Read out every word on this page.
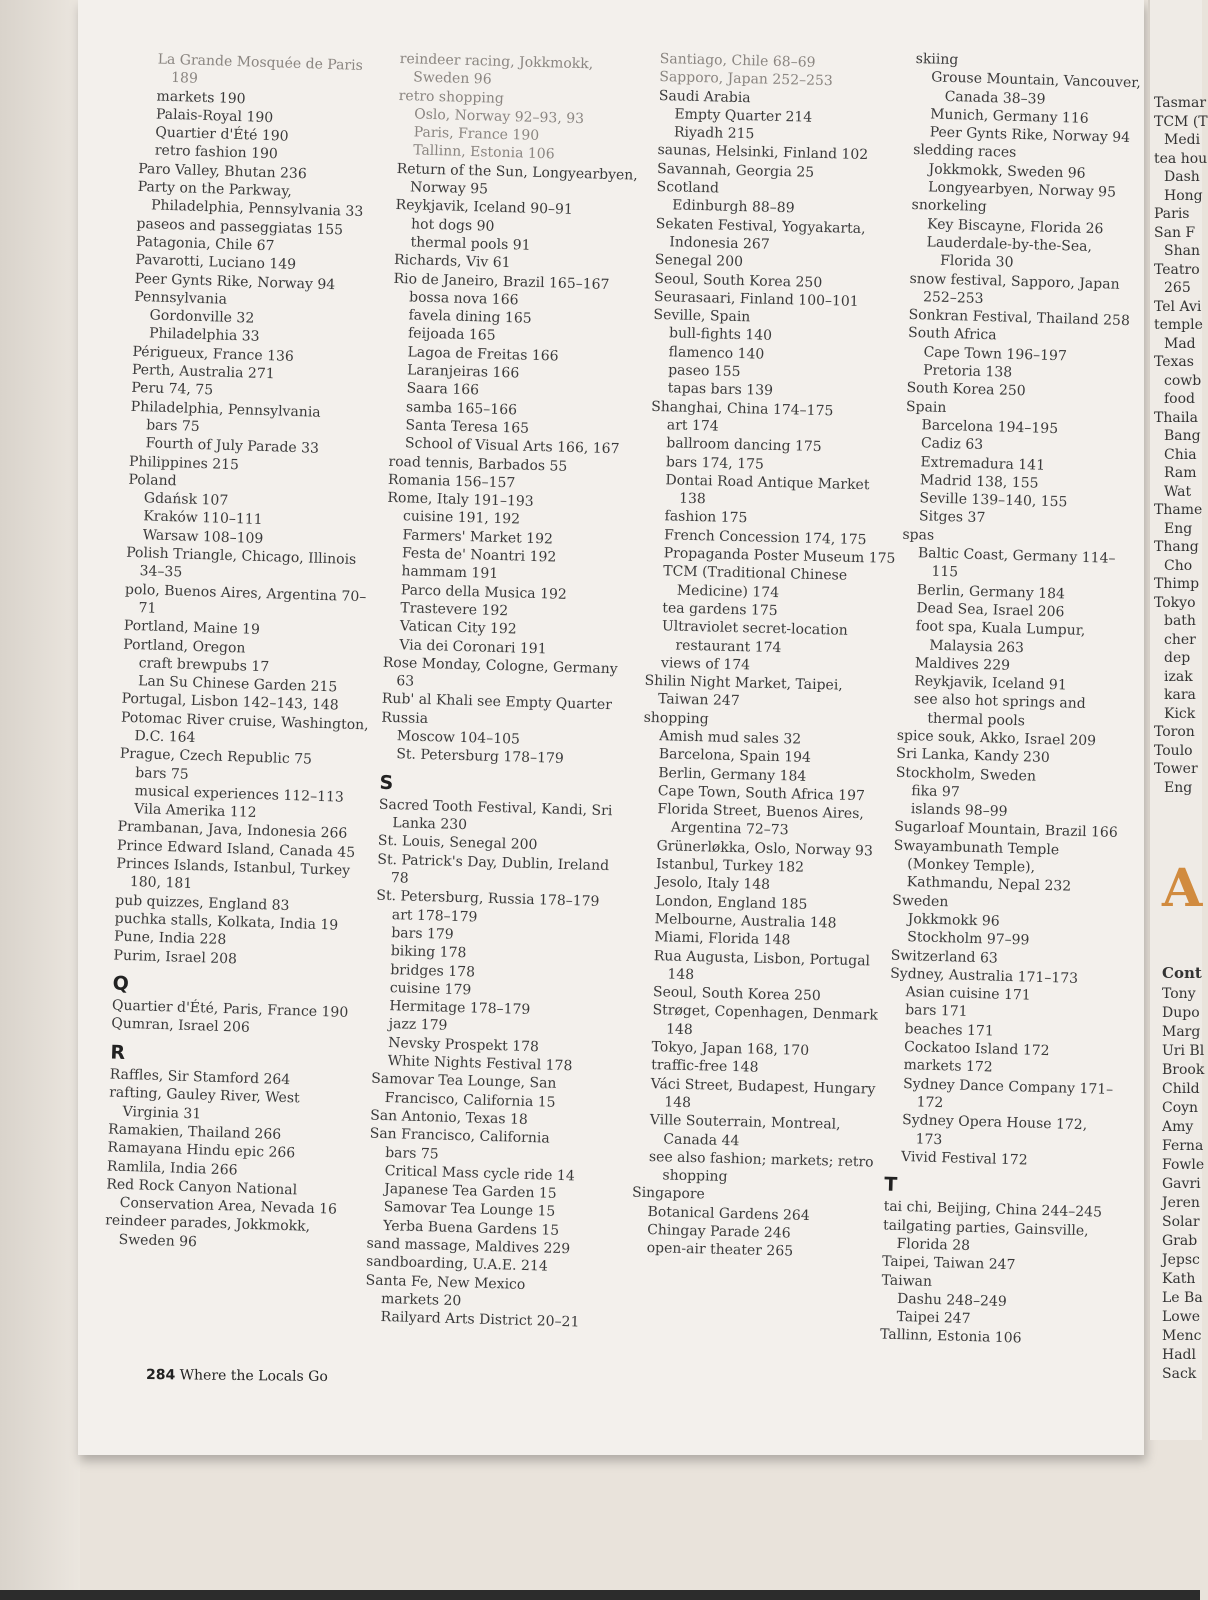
La Grande Mosquée de Paris 189
markets 190
Palais-Royal 190
Quartier d'Été 190
retro fashion 190
Paro Valley, Bhutan 236
Party on the Parkway, Philadelphia, Pennsylvania 33
paseos and passeggiatas 155
Patagonia, Chile 67
Pavarotti, Luciano 149
Peer Gynts Rike, Norway 94
Pennsylvania
Gordonville 32
Philadelphia 33
Périgueux, France 136
Perth, Australia 271
Peru 74, 75
Philadelphia, Pennsylvania
bars 75
Fourth of July Parade 33
Philippines 215
Poland
Gdańsk 107
Kraków 110–111
Warsaw 108–109
Polish Triangle, Chicago, Illinois 34–35
polo, Buenos Aires, Argentina 70–71
Portland, Maine 19
Portland, Oregon
craft brewpubs 17
Lan Su Chinese Garden 215
Portugal, Lisbon 142–143, 148
Potomac River cruise, Washington, D.C. 164
Prague, Czech Republic 75
bars 75
musical experiences 112–113
Vila Amerika 112
Prambanan, Java, Indonesia 266
Prince Edward Island, Canada 45
Princes Islands, Istanbul, Turkey 180, 181
pub quizzes, England 83
puchka stalls, Kolkata, India 19
Pune, India 228
Purim, Israel 208
Q
Quartier d'Été, Paris, France 190
Qumran, Israel 206
R
Raffles, Sir Stamford 264
rafting, Gauley River, West Virginia 31
Ramakien, Thailand 266
Ramayana Hindu epic 266
Ramlila, India 266
Red Rock Canyon National Conservation Area, Nevada 16
reindeer parades, Jokkmokk, Sweden 96
reindeer racing, Jokkmokk, Sweden 96
retro shopping
Oslo, Norway 92–93, 93
Paris, France 190
Tallinn, Estonia 106
Return of the Sun, Longyearbyen, Norway 95
Reykjavik, Iceland 90–91
hot dogs 90
thermal pools 91
Richards, Viv 61
Rio de Janeiro, Brazil 165–167
bossa nova 166
favela dining 165
feijoada 165
Lagoa de Freitas 166
Laranjeiras 166
Saara 166
samba 165–166
Santa Teresa 165
School of Visual Arts 166, 167
road tennis, Barbados 55
Romania 156–157
Rome, Italy 191–193
cuisine 191, 192
Farmers' Market 192
Festa de' Noantri 192
hammam 191
Parco della Musica 192
Trastevere 192
Vatican City 192
Via dei Coronari 191
Rose Monday, Cologne, Germany 63
Rub' al Khali see Empty Quarter
Russia
Moscow 104–105
St. Petersburg 178–179
S
Sacred Tooth Festival, Kandi, Sri Lanka 230
St. Louis, Senegal 200
St. Patrick's Day, Dublin, Ireland 78
St. Petersburg, Russia 178–179
art 178–179
bars 179
biking 178
bridges 178
cuisine 179
Hermitage 178–179
jazz 179
Nevsky Prospekt 178
White Nights Festival 178
Samovar Tea Lounge, San Francisco, California 15
San Antonio, Texas 18
San Francisco, California
bars 75
Critical Mass cycle ride 14
Japanese Tea Garden 15
Samovar Tea Lounge 15
Yerba Buena Gardens 15
sand massage, Maldives 229
sandboarding, U.A.E. 214
Santa Fe, New Mexico
markets 20
Railyard Arts District 20–21
Santiago, Chile 68–69
Sapporo, Japan 252–253
Saudi Arabia
Empty Quarter 214
Riyadh 215
saunas, Helsinki, Finland 102
Savannah, Georgia 25
Scotland
Edinburgh 88–89
Sekaten Festival, Yogyakarta, Indonesia 267
Senegal 200
Seoul, South Korea 250
Seurasaari, Finland 100–101
Seville, Spain
bull-fights 140
flamenco 140
paseo 155
tapas bars 139
Shanghai, China 174–175
art 174
ballroom dancing 175
bars 174, 175
Dontai Road Antique Market 138
fashion 175
French Concession 174, 175
Propaganda Poster Museum 175
TCM (Traditional Chinese Medicine) 174
tea gardens 175
Ultraviolet secret-location restaurant 174
views of 174
Shilin Night Market, Taipei, Taiwan 247
shopping
Amish mud sales 32
Barcelona, Spain 194
Berlin, Germany 184
Cape Town, South Africa 197
Florida Street, Buenos Aires, Argentina 72–73
Grünerløkka, Oslo, Norway 93
Istanbul, Turkey 182
Jesolo, Italy 148
London, England 185
Melbourne, Australia 148
Miami, Florida 148
Rua Augusta, Lisbon, Portugal 148
Seoul, South Korea 250
Strøget, Copenhagen, Denmark 148
Tokyo, Japan 168, 170
traffic-free 148
Váci Street, Budapest, Hungary 148
Ville Souterrain, Montreal, Canada 44
see also fashion; markets; retro shopping
Singapore
Botanical Gardens 264
Chingay Parade 246
open-air theater 265
skiing
Grouse Mountain, Vancouver, Canada 38–39
Munich, Germany 116
Peer Gynts Rike, Norway 94
sledding races
Jokkmokk, Sweden 96
Longyearbyen, Norway 95
snorkeling
Key Biscayne, Florida 26
Lauderdale-by-the-Sea, Florida 30
snow festival, Sapporo, Japan 252–253
Sonkran Festival, Thailand 258
South Africa
Cape Town 196–197
Pretoria 138
South Korea 250
Spain
Barcelona 194–195
Cadiz 63
Extremadura 141
Madrid 138, 155
Seville 139–140, 155
Sitges 37
spas
Baltic Coast, Germany 114–115
Berlin, Germany 184
Dead Sea, Israel 206
foot spa, Kuala Lumpur, Malaysia 263
Maldives 229
Reykjavik, Iceland 91
see also hot springs and thermal pools
spice souk, Akko, Israel 209
Sri Lanka, Kandy 230
Stockholm, Sweden
fika 97
islands 98–99
Sugarloaf Mountain, Brazil 166
Swayambunath Temple (Monkey Temple), Kathmandu, Nepal 232
Sweden
Jokkmokk 96
Stockholm 97–99
Switzerland 63
Sydney, Australia 171–173
Asian cuisine 171
bars 171
beaches 171
Cockatoo Island 172
markets 172
Sydney Dance Company 171–172
Sydney Opera House 172, 173
Vivid Festival 172
T
tai chi, Beijing, China 244–245
tailgating parties, Gainsville, Florida 28
Taipei, Taiwan 247
Taiwan
Dashu 248–249
Taipei 247
Tallinn, Estonia 106
284 Where the Locals Go
Tasmar
TCM (T
Medi
tea hou
Dash
Hong
Paris
San F
Shan
Teatro
265
Tel Avi
temple
Mad
Texas
cowb
food
Thaila
Bang
Chia
Ram
Wat
Thame
Eng
Thang
Cho
Thimp
Tokyo
bath
cher
dep
izak
kara
Kick
Toron
Toulo
Tower
Eng
A
Cont
Tony
Dupo
Marg
Uri Bl
Brook
Child
Coyn
Amy
Ferna
Fowle
Gavri
Jeren
Solar
Grab
Jepsc
Kath
Le Ba
Lowe
Menc
Hadl
Sack
